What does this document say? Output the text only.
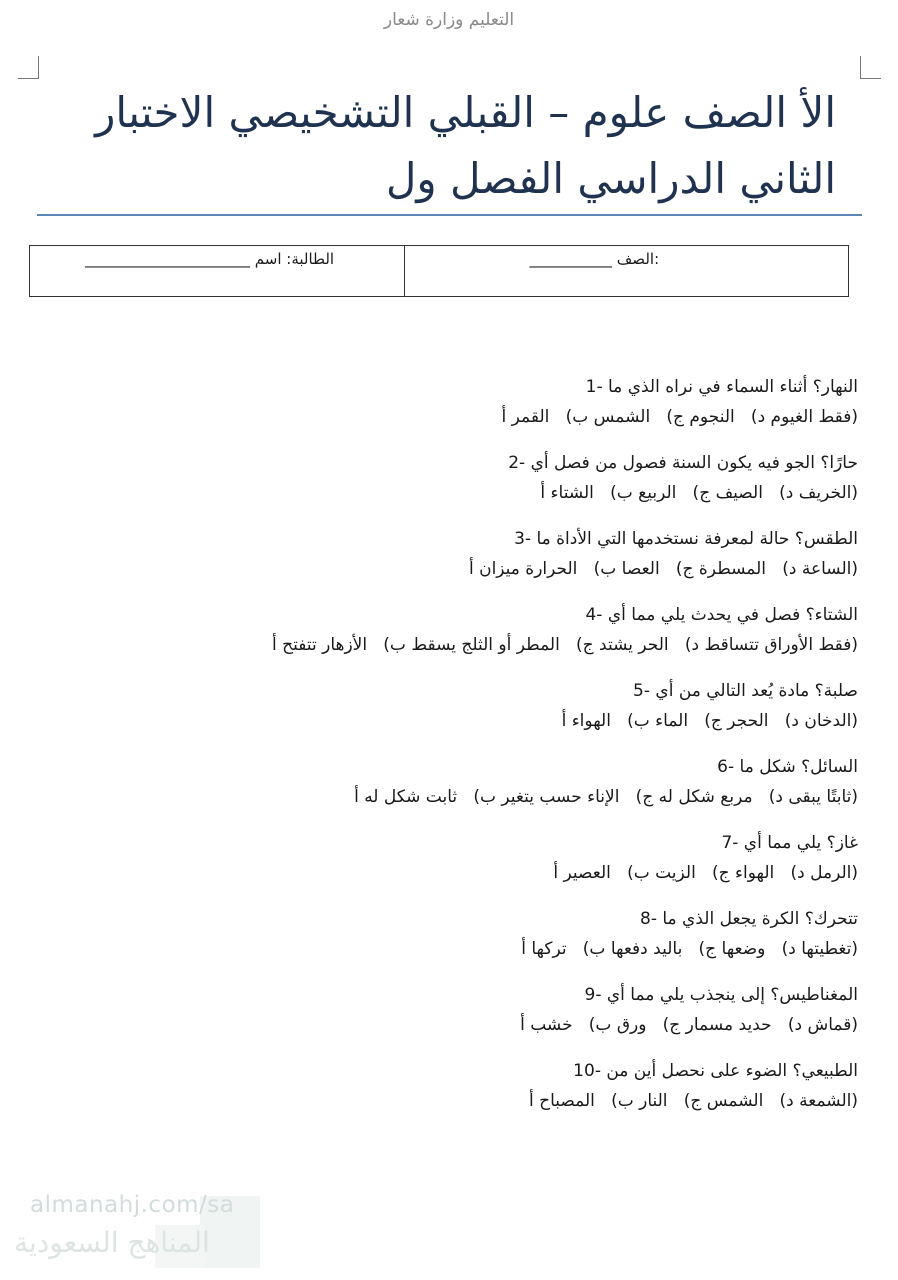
التعليم وزارة شعار
الأ الصف علوم – القبلي التشخيصي الاختبار
الثاني الدراسي الفصل ول
______________________ الطالبة: اسم	___________ الصف:
النهار؟ أثناء السماء في نراه الذي ما -1
فقط الغيوم د)   النجوم ج)   الشمس ب)   القمر أ)
حارًا؟ الجو فيه يكون السنة فصول من فصل أي -2
الخريف د)   الصيف ج)   الربيع ب)   الشتاء أ)
الطقس؟ حالة لمعرفة نستخدمها التي الأداة ما -3
الساعة د)   المسطرة ج)   العصا ب)   الحرارة ميزان أ)
الشتاء؟ فصل في يحدث يلي مما أي -4
فقط الأوراق تتساقط د)   الحر يشتد ج)   المطر أو الثلج يسقط ب)   الأزهار تتفتح أ)
صلبة؟ مادة يُعد التالي من أي -5
الدخان د)   الحجر ج)   الماء ب)   الهواء أ)
السائل؟ شكل ما -6
ثابتًا يبقى د)   مربع شكل له ج)   الإناء حسب يتغير ب)   ثابت شكل له أ)
غاز؟ يلي مما أي -7
الرمل د)   الهواء ج)   الزيت ب)   العصير أ)
تتحرك؟ الكرة يجعل الذي ما -8
تغطيتها د)   وضعها ج)   باليد دفعها ب)   تركها أ)
المغناطيس؟ إلى ينجذب يلي مما أي -9
قماش د)   حديد مسمار ج)   ورق ب)   خشب أ)
الطبيعي؟ الضوء على نحصل أين من -10
الشمعة د)   الشمس ج)   النار ب)   المصباح أ)
almanahj.com/sa
المناهج السعودية
